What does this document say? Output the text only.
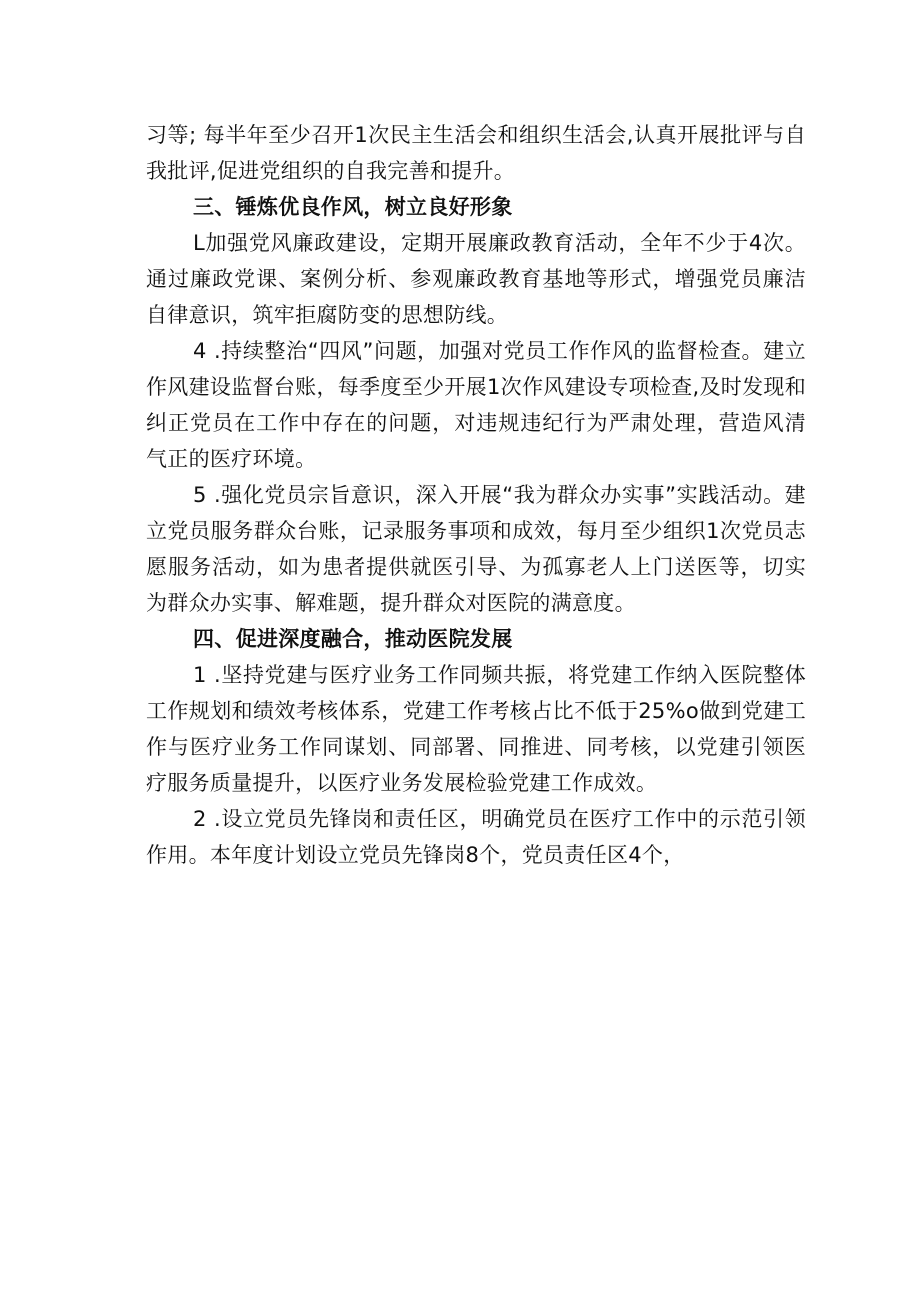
习等; 每半年至少召开1次民主生活会和组织生活会,认真开展批评与自我批评,促进党组织的自我完善和提升。

三、锤炼优良作风，树立良好形象

L加强党风廉政建设，定期开展廉政教育活动，全年不少于4次。通过廉政党课、案例分析、参观廉政教育基地等形式，增强党员廉洁自律意识，筑牢拒腐防变的思想防线。

4 .持续整治“四风”问题，加强对党员工作作风的监督检查。建立作风建设监督台账，每季度至少开展1次作风建设专项检查,及时发现和纠正党员在工作中存在的问题，对违规违纪行为严肃处理，营造风清气正的医疗环境。

5 .强化党员宗旨意识，深入开展“我为群众办实事”实践活动。建立党员服务群众台账，记录服务事项和成效，每月至少组织1次党员志愿服务活动，如为患者提供就医引导、为孤寡老人上门送医等，切实为群众办实事、解难题，提升群众对医院的满意度。

四、促进深度融合，推动医院发展

1 .坚持党建与医疗业务工作同频共振，将党建工作纳入医院整体工作规划和绩效考核体系，党建工作考核占比不低于25%o做到党建工作与医疗业务工作同谋划、同部署、同推进、同考核，以党建引领医疗服务质量提升，以医疗业务发展检验党建工作成效。

2 .设立党员先锋岗和责任区，明确党员在医疗工作中的示范引领作用。本年度计划设立党员先锋岗8个，党员责任区4个，
